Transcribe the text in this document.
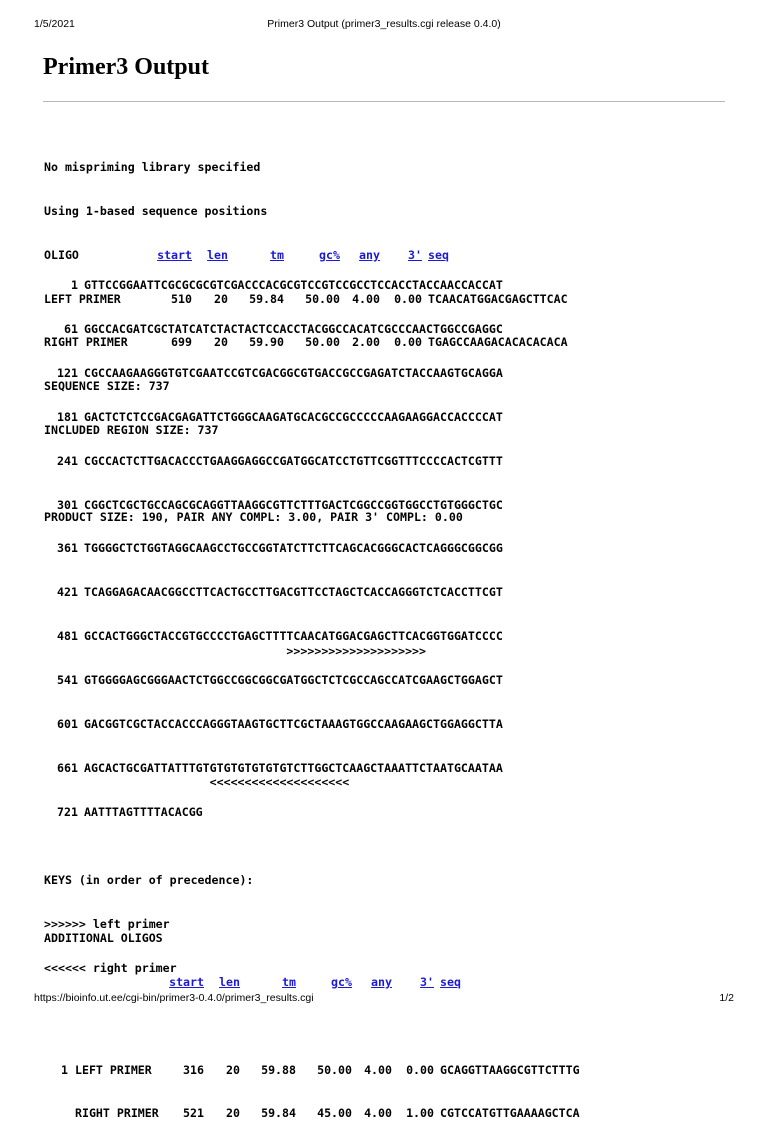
1/5/2021	Primer3 Output (primer3_results.cgi release 0.4.0)
Primer3 Output

No mispriming library specified

Using 1-based sequence positions

OLIGO	start len	tm	gc% any 3' seq

LEFT PRIMER	510 20 59.84 50.00 4.00 0.00 TCAACATGGACGAGCTTCAC

RIGHT PRIMER	699 20 59.90 50.00 2.00 0.00 TGAGCCAAGACACACACACA

SEQUENCE SIZE: 737

INCLUDED REGION SIZE: 737

PRODUCT SIZE: 190, PAIR ANY COMPL: 3.00, PAIR 3' COMPL: 0.00

1 GTTCCGGAATTCGCGCGCGTCGACCCACGCGTCCGTCCGCCTCCACCTACCAACCACCAT
61 GGCCACGATCGCTATCATCTACTACTCCACCTACGGCCACATCGCCCAACTGGCCGAGGC
121 CGCCAAGAAGGGTGTCGAATCCGTCGACGGCGTGACCGCCGAGATCTACCAAGTGCAGGA
181 GACTCTCTCCGACGAGATTCTGGGCAAGATGCACGCCGCCCCCAAGAAGGACCACCCCAT
241 CGCCACTCTTGACACCCTGAAGGAGGCCGATGGCATCCTGTTCGGTTTCCCCACTCGTTT
301 CGGCTCGCTGCCAGCGCAGGTTAAGGCGTTCTTTGACTCGGCCGGTGGCCTGTGGGCTGC
361 TGGGGCTCTGGTAGGCAAGCCTGCCGGTATCTTCTTCAGCACGGGCACTCAGGGCGGCGG
421 TCAGGAGACAACGGCCTTCACTGCCTTGACGTTCCTAGCTCACCAGGGTCTCACCTTCGT
481 GCCACTGGGCTACCGTGCCCCTGAGCTTTTCAACATGGACGAGCTTCACGGTGGATCCCC
>>>>>>>>>>>>>>>>>>>>
541 GTGGGGAGCGGGAACTCTGGCCGGCGGCGATGGCTCTCGCCAGCCATCGAAGCTGGAGCT
601 GACGGTCGCTACCACCCAGGGTAAGTGCTTCGCTAAAGTGGCCAAGAAGCTGGAGGCTTA
661 AGCACTGCGATTATTTGTGTGTGTGTGTGTCTTGGCTCAAGCTAAATTCTAATGCAATAA
<<<<<<<<<<<<<<<<<<<<
721 AATTTAGTTTTACACGG

KEYS (in order of precedence):

>>>>>> left primer

<<<<<< right primer

ADDITIONAL OLIGOS

start len	tm	gc% any 3' seq

1 LEFT PRIMER	316 20 59.88 50.00 4.00 0.00 GCAGGTTAAGGCGTTCTTTG

RIGHT PRIMER 521 20 59.84 45.00 4.00 1.00 CGTCCATGTTGAAAAGCTCA

https://bioinfo.ut.ee/cgi-bin/primer3-0.4.0/primer3_results.cgi	1/2
